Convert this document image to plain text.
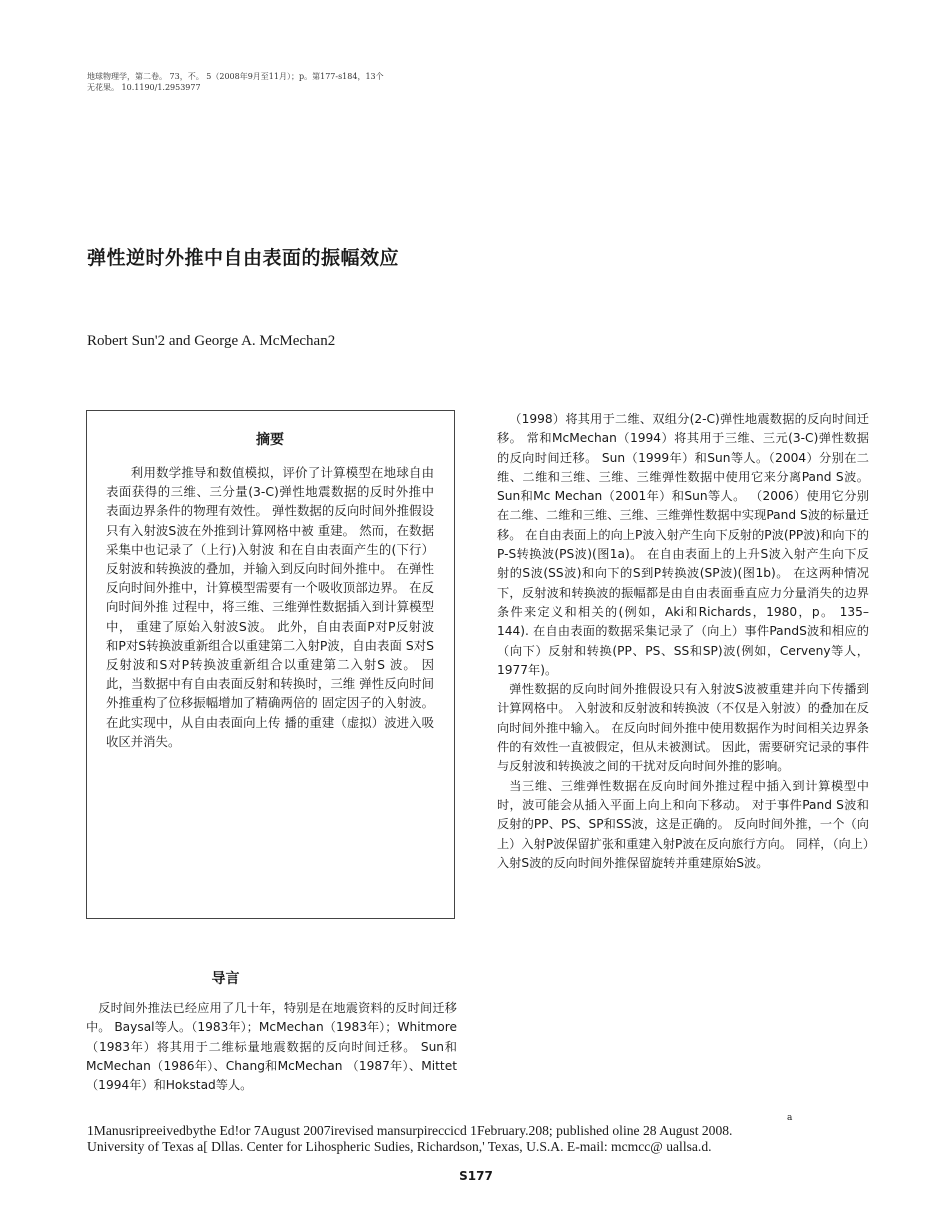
地球物理学，第二卷。 73，不。 5（2008年9月至11月）；p。第177-s184，13个
无花果。 10.1190/1.2953977
弹性逆时外推中自由表面的振幅效应
Robert Sun'2 and George A. McMechan2
摘要

利用数学推导和数值模拟，评价了计算模型在地球自由表面获得的三维、三分量(3-C)弹性地震数据的反时外推中表面边界条件的物理有效性。 弹性数据的反向时间外推假设只有入射波S波在外推到计算网格中被 重建。 然而，在数据采集中也记录了（上行)入射波 和在自由表面产生的(下行）反射波和转换波的叠加，并输入到反向时间外推中。 在弹性反向时间外推中，计算模型需要有一个吸收顶部边界。 在反向时间外推 过程中，将三维、三维弹性数据插入到计算模型中， 重建了原始入射波S波。 此外，自由表面P对P反射波 和P对S转换波重新组合以重建第二入射P波，自由表面 S对S反射波和S对P转换波重新组合以重建第二入射S 波。 因此，当数据中有自由表面反射和转换时，三维 弹性反向时间外推重构了位移振幅增加了精确两倍的 固定因子的入射波。 在此实现中，从自由表面向上传 播的重建（虚拟）波进入吸收区并消失。

（1998）将其用于二维、双组分(2-C)弹性地震数据的反向时间迁移。 常和McMechan（1994）将其用于三维、三元(3-C)弹性数据的反向时间迁移。 Sun（1999年）和Sun等人。（2004）分别在二维、二维和三维、三维、三维弹性数据中使用它来分离Pand S波。 Sun和Mc Mechan（2001年）和Sun等人。 （2006）使用它分别在二维、二维和三维、三维、三维弹性数据中实现Pand S波的标量迁移。 在自由表面上的向上P波入射产生向下反射的P波(PP波)和向下的P-S转换波(PS波)(图1a)。 在自由表面上的上升S波入射产生向下反射的S波(SS波)和向下的S到P转换波(SP波)(图1b)。 在这两种情况下，反射波和转换波的振幅都是由自由表面垂直应力分量消失的边界条件来定义和相关的(例如，Aki和Richards，1980，p。 135–144). 在自由表面的数据采集记录了（向上）事件PandS波和相应的（向下）反射和转换(PP、PS、SS和SP)波(例如，Cerveny等人，1977年)。

弹性数据的反向时间外推假设只有入射波S波被重建并向下传播到计算网格中。 入射波和反射波和转换波（不仅是入射波）的叠加在反向时间外推中输入。 在反向时间外推中使用数据作为时间相关边界条件的有效性一直被假定，但从未被测试。 因此，需要研究记录的事件与反射波和转换波之间的干扰对反向时间外推的影响。

当三维、三维弹性数据在反向时间外推过程中插入到计算模型中时，波可能会从插入平面上向上和向下移动。 对于事件Pand S波和反射的PP、PS、SP和SS波，这是正确的。 反向时间外推，一个（向上）入射P波保留扩张和重建入射P波在反向旅行方向。 同样，（向上）入射S波的反向时间外推保留旋转并重建原始S波。

导言

反时间外推法已经应用了几十年，特别是在地震资料的反时间迁移中。 Baysal等人。（1983年）；McMechan（1983年）；Whitmore（1983年）将其用于二维标量地震数据的反向时间迁移。 Sun和McMechan（1986年）、Chang和McMechan （1987年）、Mittet（1994年）和Hokstad等人。

a

1Manusripreeivedbythe Ed!or 7August 2007irevised mansurpireccicd 1February.208; published oline 28 August 2008.
University of Texas a[ Dllas. Center for Lihospheric Sudies, Richardson,' Texas, U.S.A. E-mail: mcmcc@ uallsa.d.

S177
